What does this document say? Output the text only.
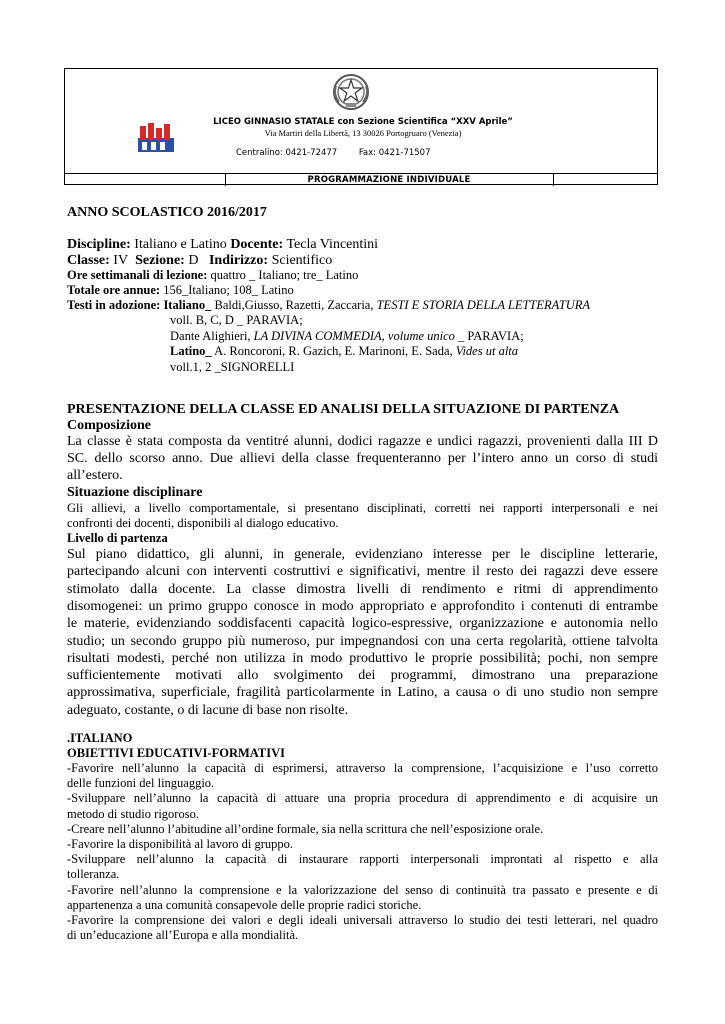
PROGRAMMAZIONE INDIVIDUALE
LICEO GINNASIO STATALE con Sezione Scientifica “XXV Aprile”
Via Martiri della Libertà, 13 30026 Portogruaro (Venezia)
Centralino: 0421-72477	Fax: 0421-71507
ANNO SCOLASTICO 2016/2017
Discipline: Italiano e Latino Docente: Tecla Vincentini
Classe: IV Sezione: D Indirizzo: Scientifico
Ore settimanali di lezione: quattro _ Italiano; tre_ Latino
Totale ore annue: 156_Italiano; 108_ Latino
Testi in adozione: Italiano_ Baldi,Giusso, Razetti, Zaccaria, TESTI E STORIA DELLA LETTERATURA
voll. B, C, D _ PARAVIA;
Dante Alighieri, LA DIVINA COMMEDIA, volume unico _ PARAVIA;
Latino_ A. Roncoroni, R. Gazich, E. Marinoni, E. Sada, Vides ut alta
voll.1, 2 _SIGNORELLI
PRESENTAZIONE DELLA CLASSE ED ANALISI DELLA SITUAZIONE DI PARTENZA
Composizione
La classe è stata composta da ventitré alunni, dodici ragazze e undici ragazzi, provenienti dalla III D
SC. dello scorso anno. Due allievi della classe frequenteranno per l’intero anno un corso di studi
all’estero.
Situazione disciplinare
Gli allievi, a livello comportamentale, si presentano disciplinati, corretti nei rapporti interpersonali e nei
confronti dei docenti, disponibili al dialogo educativo.
Livello di partenza
Sul piano didattico, gli alunni, in generale, evidenziano interesse per le discipline letterarie,
partecipando alcuni con interventi costruttivi e significativi, mentre il resto dei ragazzi deve essere
stimolato dalla docente. La classe dimostra livelli di rendimento e ritmi di apprendimento
disomogenei: un primo gruppo conosce in modo appropriato e approfondito i contenuti di entrambe
le materie, evidenziando soddisfacenti capacità logico-espressive, organizzazione e autonomia nello
studio; un secondo gruppo più numeroso, pur impegnandosi con una certa regolarità, ottiene talvolta
risultati modesti, perché non utilizza in modo produttivo le proprie possibilità; pochi, non sempre
sufficientemente motivati allo svolgimento dei programmi, dimostrano una preparazione
approssimativa, superficiale, fragilità particolarmente in Latino, a causa o di uno studio non sempre
adeguato, costante, o di lacune di base non risolte.
.ITALIANO
OBIETTIVI EDUCATIVI-FORMATIVI
-Favorire nell’alunno la capacità di esprimersi, attraverso la comprensione, l’acquisizione e l’uso corretto
delle funzioni del linguaggio.
-Sviluppare nell’alunno la capacità di attuare una propria procedura di apprendimento e di acquisire un
metodo di studio rigoroso.
-Creare nell’alunno l’abitudine all’ordine formale, sia nella scrittura che nell’esposizione orale.
-Favorire la disponibilità al lavoro di gruppo.
-Sviluppare nell’alunno la capacità di instaurare rapporti interpersonali improntati al rispetto e alla
tolleranza.
-Favorire nell’alunno la comprensione e la valorizzazione del senso di continuità tra passato e presente e di
appartenenza a una comunità consapevole delle proprie radici storiche.
-Favorire la comprensione dei valori e degli ideali universali attraverso lo studio dei testi letterari, nel quadro
di un’educazione all’Europa e alla mondialità.
